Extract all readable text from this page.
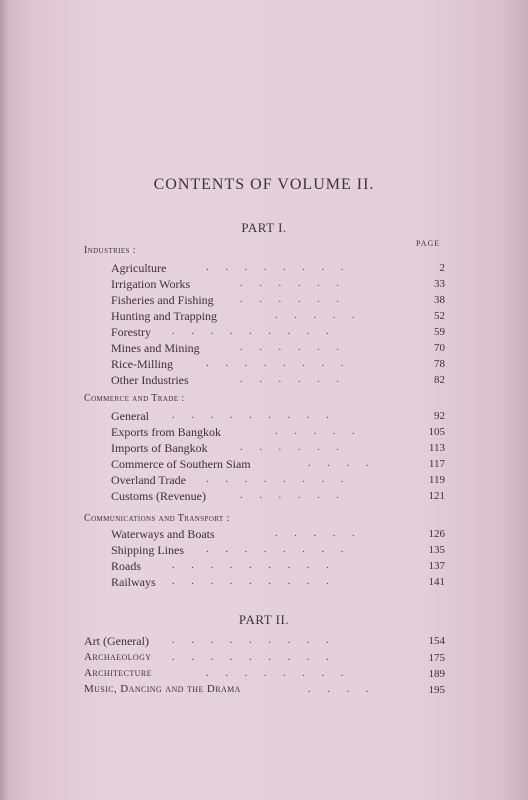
CONTENTS OF VOLUME II.
PART I.
PAGE
Industries :
Commerce and Trade :
Communications and Transport :
PART II.
Agriculture	.      .      .      .      .      .      .      .	2
Irrigation Works	.      .      .      .      .      .	33
Fisheries and Fishing .      .      .      .      .      .	38
Hunting and Trapping	.      .      .      .      .	52
Forestry .      .      .      .      .      .      .      .      .	59
Mines and Mining	.      .      .      .      .      .	70
Rice-Milling	.      .      .      .      .      .      .      .	78
Other Industries	.      .      .      .      .      .	82
General .      .      .      .      .      .      .      .      .	92
Exports from Bangkok	.      .      .      .      .	105
Imports of Bangkok	.      .      .      .      .      .	113
Commerce of Southern Siam	.      .      .      .	117
Overland Trade .      .      .      .      .      .      .      .	119
Customs (Revenue)	.      .      .      .      .      .	121
Waterways and Boats	.      .      .      .      .	126
Shipping Lines .      .      .      .      .      .      .      .	135
Roads	.      .      .      .      .      .      .      .      .	137
Railways .      .      .      .      .      .      .      .      .	141
Art (General) .      .      .      .      .      .      .      .      .	154
Archaeology .      .      .      .      .      .      .      .      .	175
Architecture	.      .      .      .      .      .      .      .	189
Music, Dancing and the Drama	.      .      .      .	195
